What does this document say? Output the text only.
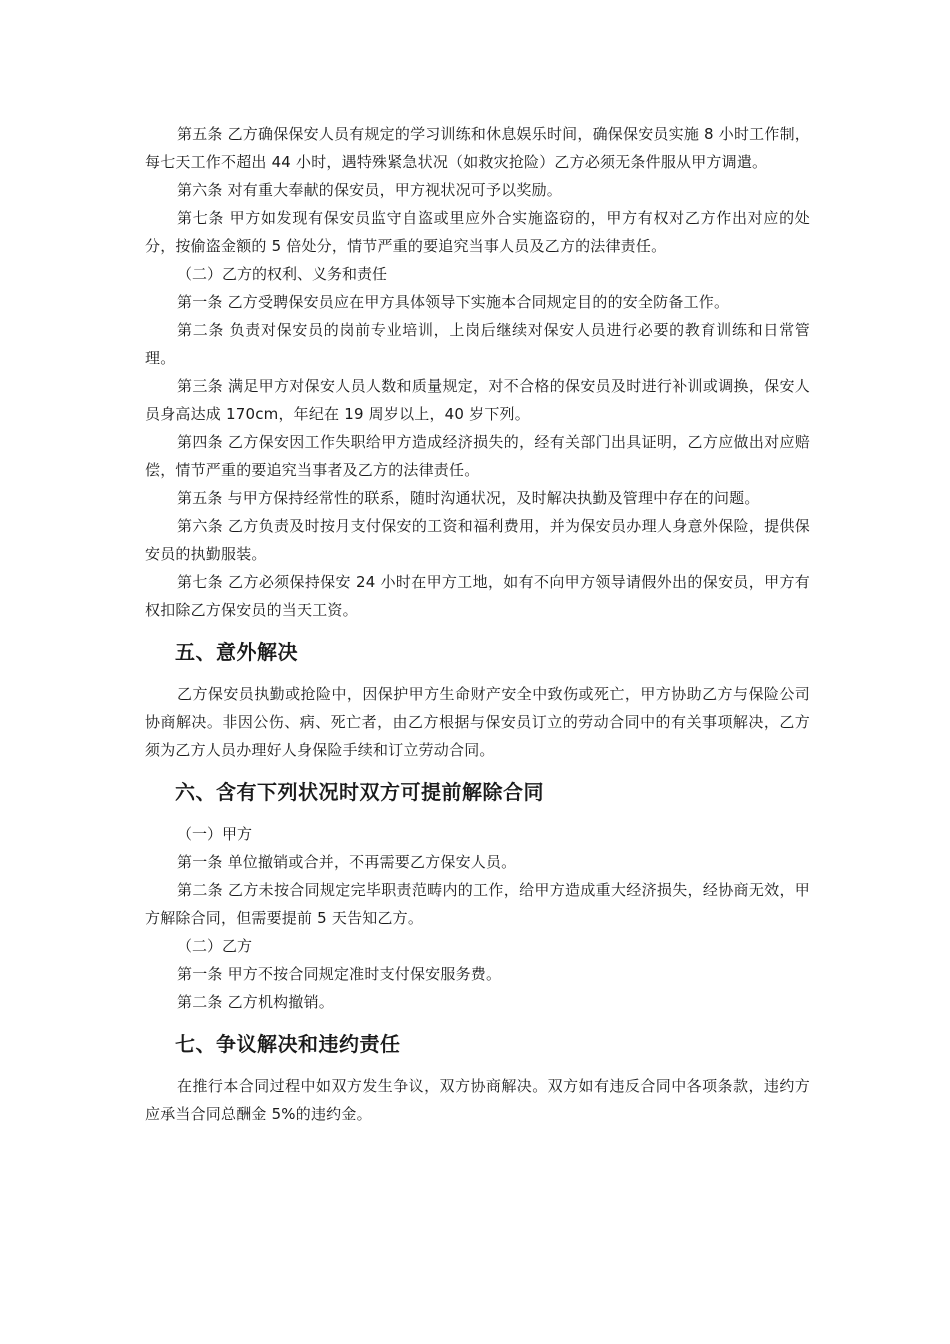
第五条 乙方确保保安人员有规定的学习训练和休息娱乐时间，确保保安员实施 8 小时工作制，每七天工作不超出 44 小时，遇特殊紧急状况（如救灾抢险）乙方必须无条件服从甲方调遣。

第六条 对有重大奉献的保安员，甲方视状况可予以奖励。

第七条 甲方如发现有保安员监守自盗或里应外合实施盗窃的，甲方有权对乙方作出对应的处分，按偷盗金额的 5 倍处分，情节严重的要追究当事人员及乙方的法律责任。

（二）乙方的权利、义务和责任

第一条 乙方受聘保安员应在甲方具体领导下实施本合同规定目的的安全防备工作。

第二条 负责对保安员的岗前专业培训，上岗后继续对保安人员进行必要的教育训练和日常管理。

第三条 满足甲方对保安人员人数和质量规定，对不合格的保安员及时进行补训或调换，保安人员身高达成 170cm，年纪在 19 周岁以上，40 岁下列。

第四条 乙方保安因工作失职给甲方造成经济损失的，经有关部门出具证明，乙方应做出对应赔偿，情节严重的要追究当事者及乙方的法律责任。

第五条 与甲方保持经常性的联系，随时沟通状况，及时解决执勤及管理中存在的问题。

第六条 乙方负责及时按月支付保安的工资和福利费用，并为保安员办理人身意外保险，提供保安员的执勤服装。

第七条 乙方必须保持保安 24 小时在甲方工地，如有不向甲方领导请假外出的保安员，甲方有权扣除乙方保安员的当天工资。

五、意外解决

乙方保安员执勤或抢险中，因保护甲方生命财产安全中致伤或死亡，甲方协助乙方与保险公司协商解决。非因公伤、病、死亡者，由乙方根据与保安员订立的劳动合同中的有关事项解决，乙方须为乙方人员办理好人身保险手续和订立劳动合同。

六、含有下列状况时双方可提前解除合同

（一）甲方

第一条 单位撤销或合并，不再需要乙方保安人员。

第二条 乙方未按合同规定完毕职责范畴内的工作，给甲方造成重大经济损失，经协商无效，甲方解除合同，但需要提前 5 天告知乙方。

（二）乙方

第一条 甲方不按合同规定准时支付保安服务费。

第二条 乙方机构撤销。

七、争议解决和违约责任

在推行本合同过程中如双方发生争议，双方协商解决。双方如有违反合同中各项条款，违约方应承当合同总酬金 5%的违约金。
